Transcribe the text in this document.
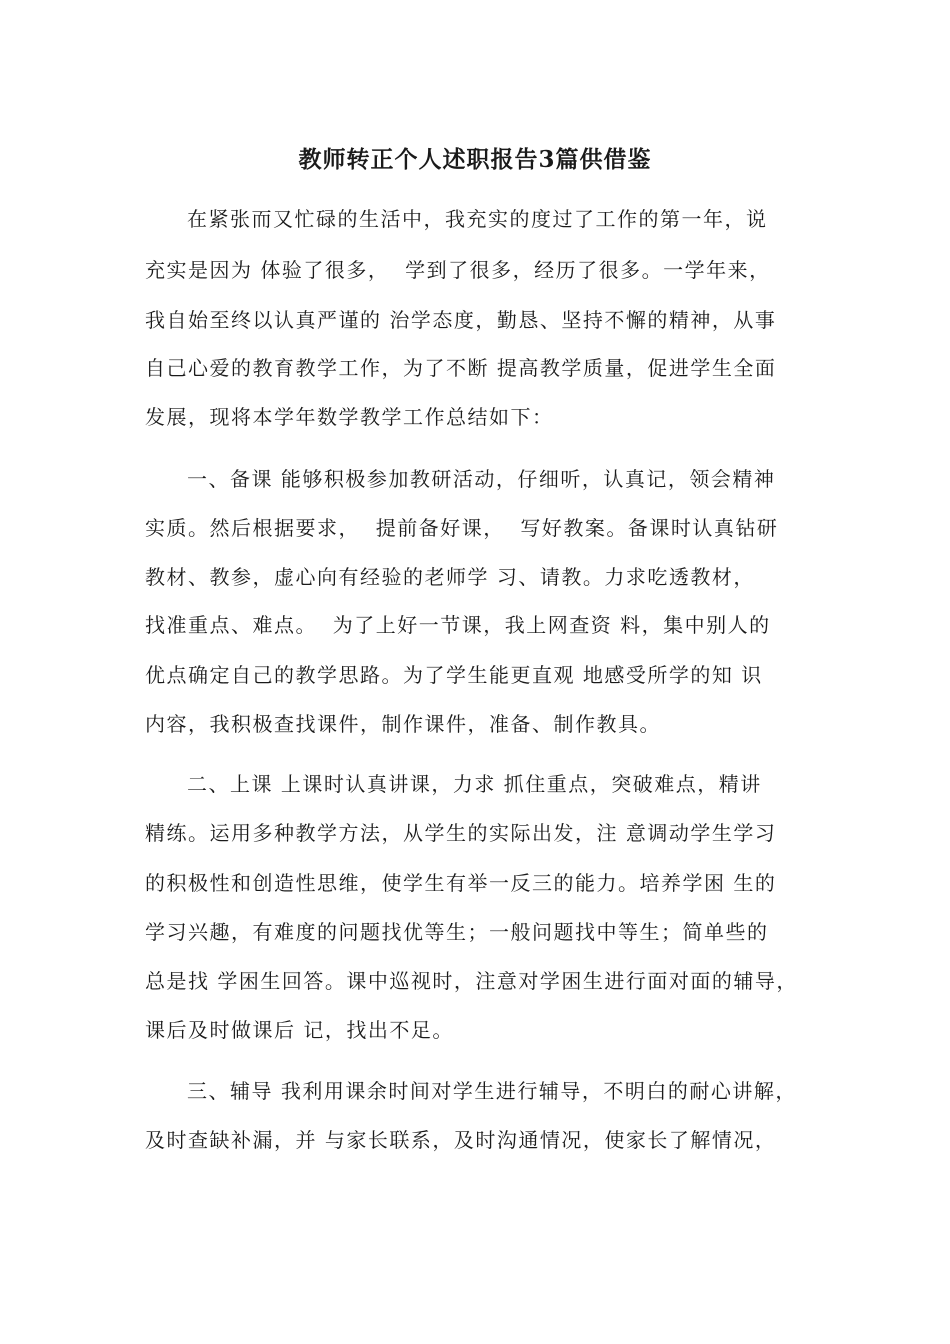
教师转正个人述职报告3篇供借鉴
在紧张而又忙碌的生活中，我充实的度过了工作的第一年，说
充实是因为 体验了很多，  学到了很多，经历了很多。一学年来，
我自始至终以认真严谨的 治学态度，勤恳、坚持不懈的精神，从事
自己心爱的教育教学工作，为了不断 提高教学质量，促进学生全面
发展，现将本学年数学教学工作总结如下：
一、备课 能够积极参加教研活动，仔细听，认真记，领会精神
实质。然后根据要求，  提前备好课，  写好教案。备课时认真钻研
教材、教参，虚心向有经验的老师学 习、请教。力求吃透教材，
找准重点、难点。  为了上好一节课，我上网查资 料，集中别人的
优点确定自己的教学思路。为了学生能更直观 地感受所学的知 识
内容，我积极查找课件，制作课件，准备、制作教具。
二、上课 上课时认真讲课，力求 抓住重点，突破难点，精讲
精练。运用多种教学方法，从学生的实际出发，注 意调动学生学习
的积极性和创造性思维，使学生有举一反三的能力。培养学困 生的
学习兴趣，有难度的问题找优等生；一般问题找中等生；简单些的
总是找 学困生回答。课中巡视时，注意对学困生进行面对面的辅导，
课后及时做课后 记，找出不足。
三、辅导 我利用课余时间对学生进行辅导，不明白的耐心讲解，
及时查缺补漏，并 与家长联系，及时沟通情况，使家长了解情况，
